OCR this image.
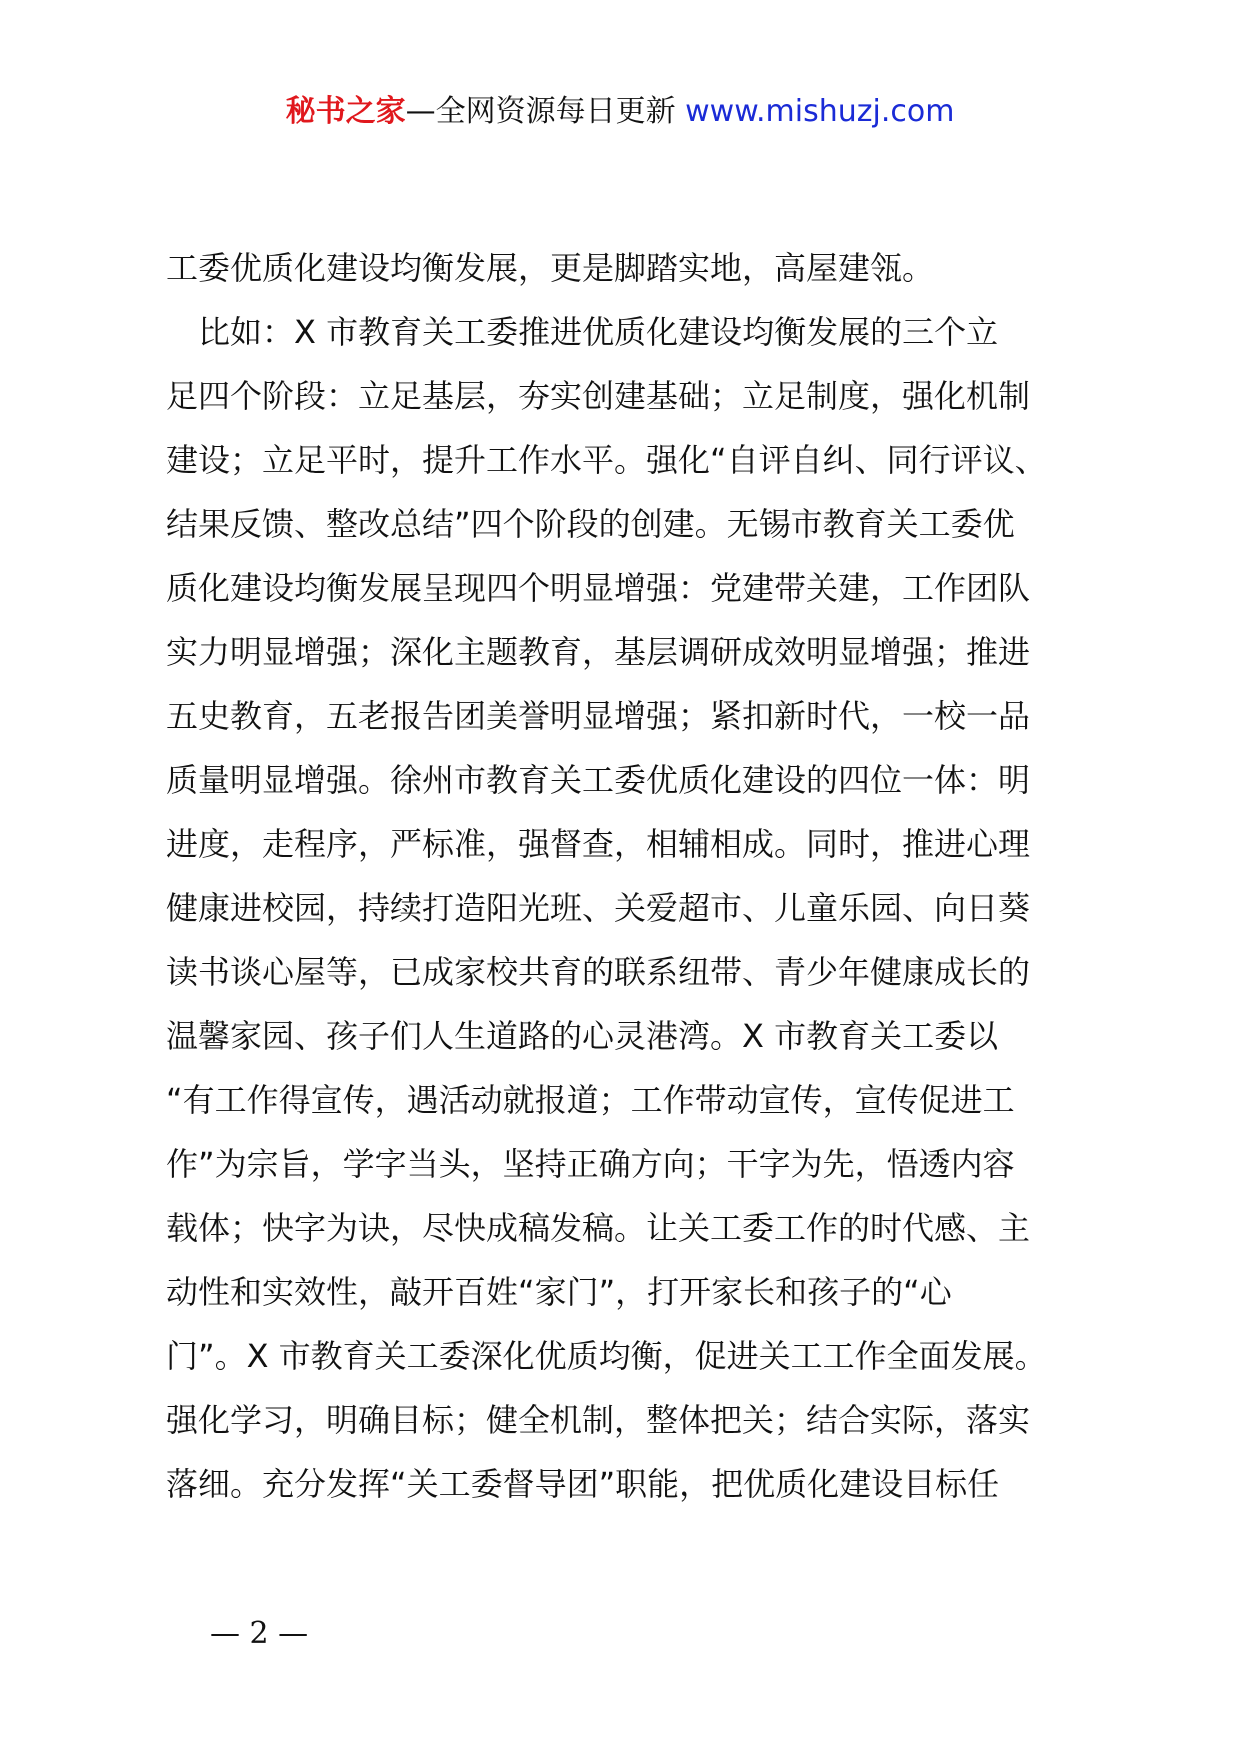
秘书之家—全网资源每日更新 www.mishuzj.com
工委优质化建设均衡发展，更是脚踏实地，高屋建瓴。
　比如：X 市教育关工委推进优质化建设均衡发展的三个立
足四个阶段：立足基层，夯实创建基础；立足制度，强化机制
建设；立足平时，提升工作水平。强化“自评自纠、同行评议、
结果反馈、整改总结”四个阶段的创建。无锡市教育关工委优
质化建设均衡发展呈现四个明显增强：党建带关建，工作团队
实力明显增强；深化主题教育，基层调研成效明显增强；推进
五史教育，五老报告团美誉明显增强；紧扣新时代，一校一品
质量明显增强。徐州市教育关工委优质化建设的四位一体：明
进度，走程序，严标准，强督查，相辅相成。同时，推进心理
健康进校园，持续打造阳光班、关爱超市、儿童乐园、向日葵
读书谈心屋等，已成家校共育的联系纽带、青少年健康成长的
温馨家园、孩子们人生道路的心灵港湾。X 市教育关工委以
“有工作得宣传，遇活动就报道；工作带动宣传，宣传促进工
作”为宗旨，学字当头，坚持正确方向；干字为先，悟透内容
载体；快字为诀，尽快成稿发稿。让关工委工作的时代感、主
动性和实效性，敲开百姓“家门”，打开家长和孩子的“心
门”。X 市教育关工委深化优质均衡，促进关工工作全面发展。
强化学习，明确目标；健全机制，整体把关；结合实际，落实
落细。充分发挥“关工委督导团”职能，把优质化建设目标任
— 2 —
